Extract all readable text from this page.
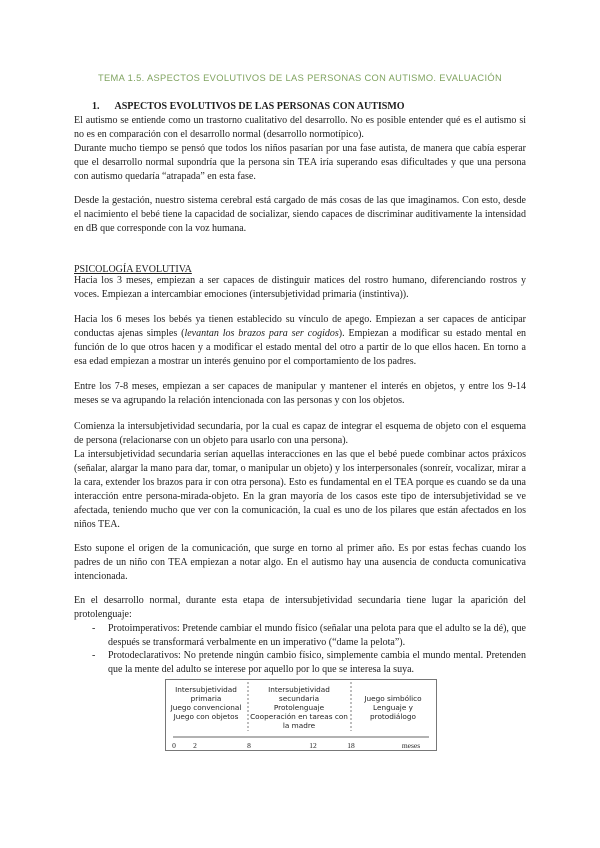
TEMA 1.5. ASPECTOS EVOLUTIVOS DE LAS PERSONAS CON AUTISMO. EVALUACIÓN
1. ASPECTOS EVOLUTIVOS DE LAS PERSONAS CON AUTISMO

El autismo se entiende como un trastorno cualitativo del desarrollo. No es posible entender qué es el autismo si no es en comparación con el desarrollo normal (desarrollo normotípico).

Durante mucho tiempo se pensó que todos los niños pasarían por una fase autista, de manera que cabía esperar que el desarrollo normal supondría que la persona sin TEA iría superando esas dificultades y que una persona con autismo quedaría “atrapada” en esta fase.

Desde la gestación, nuestro sistema cerebral está cargado de más cosas de las que imaginamos. Con esto, desde el nacimiento el bebé tiene la capacidad de socializar, siendo capaces de discriminar auditivamente la intensidad en dB que corresponde con la voz humana.

PSICOLOGÍA EVOLUTIVA

Hacia los 3 meses, empiezan a ser capaces de distinguir matices del rostro humano, diferenciando rostros y voces. Empiezan a intercambiar emociones (intersubjetividad primaria (instintiva)).

Hacia los 6 meses los bebés ya tienen establecido su vínculo de apego. Empiezan a ser capaces de anticipar conductas ajenas simples (levantan los brazos para ser cogidos). Empiezan a modificar su estado mental en función de lo que otros hacen y a modificar el estado mental del otro a partir de lo que ellos hacen. En torno a esa edad empiezan a mostrar un interés genuino por el comportamiento de los padres.

Entre los 7-8 meses, empiezan a ser capaces de manipular y mantener el interés en objetos, y entre los 9-14 meses se va agrupando la relación intencionada con las personas y con los objetos.

Comienza la intersubjetividad secundaria, por la cual es capaz de integrar el esquema de objeto con el esquema de persona (relacionarse con un objeto para usarlo con una persona).

La intersubjetividad secundaria serían aquellas interacciones en las que el bebé puede combinar actos práxicos (señalar, alargar la mano para dar, tomar, o manipular un objeto) y los interpersonales (sonreír, vocalizar, mirar a la cara, extender los brazos para ir con otra persona). Esto es fundamental en el TEA porque es cuando se da una interacción entre persona-mirada-objeto. En la gran mayoría de los casos este tipo de intersubjetividad se ve afectada, teniendo mucho que ver con la comunicación, la cual es uno de los pilares que están afectados en los niños TEA.

Esto supone el origen de la comunicación, que surge en torno al primer año. Es por estas fechas cuando los padres de un niño con TEA empiezan a notar algo. En el autismo hay una ausencia de conducta comunicativa intencionada.

En el desarrollo normal, durante esta etapa de intersubjetividad secundaria tiene lugar la aparición del protolenguaje:

- Protoimperativos: Pretende cambiar el mundo físico (señalar una pelota para que el adulto se la dé), que después se transformará verbalmente en un imperativo (“dame la pelota”).

- Protodeclarativos: No pretende ningún cambio físico, simplemente cambia el mundo mental. Pretenden que la mente del adulto se interese por aquello por lo que se interesa la suya.

Intersubjetividad
primaria
Juego convencional
Juego con objetos
Intersubjetividad
secundaria
Protolenguaje
Cooperación en tareas con
la madre
Juego simbólico
Lenguaje y
protodiálogo
0 2	8	12	18	meses
